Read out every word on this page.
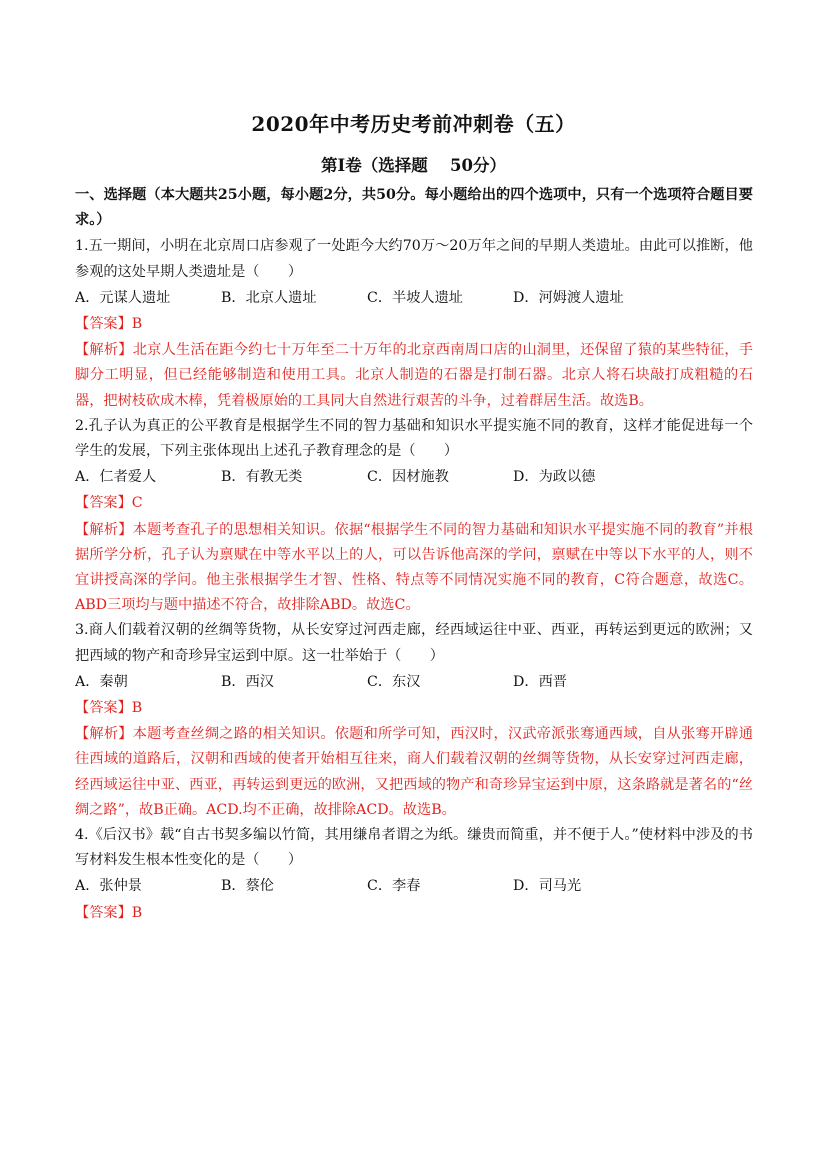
2020年中考历史考前冲刺卷（五）
第Ⅰ卷（选择题　 50分）
一、选择题（本大题共25小题，每小题2分，共50分。每小题给出的四个选项中，只有一个选项符合题目要求。）
1.五一期间，小明在北京周口店参观了一处距今大约70万～20万年之间的早期人类遗址。由此可以推断，他参观的这处早期人类遗址是（　　）
A．元谋人遗址	B．北京人遗址	C．半坡人遗址	D．河姆渡人遗址
【答案】B
【解析】北京人生活在距今约七十万年至二十万年的北京西南周口店的山洞里，还保留了猿的某些特征，手脚分工明显，但已经能够制造和使用工具。北京人制造的石器是打制石器。北京人将石块敲打成粗糙的石器，把树枝砍成木棒，凭着极原始的工具同大自然进行艰苦的斗争，过着群居生活。故选B。
2.孔子认为真正的公平教育是根据学生不同的智力基础和知识水平提实施不同的教育，这样才能促进每一个学生的发展，下列主张体现出上述孔子教育理念的是（　　）
A．仁者爱人	B．有教无类	C．因材施教	D．为政以德
【答案】C
【解析】本题考查孔子的思想相关知识。依据“根据学生不同的智力基础和知识水平提实施不同的教育”并根据所学分析，孔子认为禀赋在中等水平以上的人，可以告诉他高深的学问，禀赋在中等以下水平的人，则不宜讲授高深的学问。他主张根据学生才智、性格、特点等不同情况实施不同的教育，C符合题意，故选C。ABD三项均与题中描述不符合，故排除ABD。故选C。
3.商人们载着汉朝的丝绸等货物，从长安穿过河西走廊，经西域运往中亚、西亚，再转运到更远的欧洲；又把西域的物产和奇珍异宝运到中原。这一壮举始于（　　）
A．秦朝	B．西汉	C．东汉	D．西晋
【答案】B
【解析】本题考查丝绸之路的相关知识。依题和所学可知，西汉时，汉武帝派张骞通西域，自从张骞开辟通往西域的道路后，汉朝和西域的使者开始相互往来，商人们载着汉朝的丝绸等货物，从长安穿过河西走廊，经西域运往中亚、西亚，再转运到更远的欧洲，又把西域的物产和奇珍异宝运到中原，这条路就是著名的“丝绸之路”，故B正确。ACD.均不正确，故排除ACD。故选B。
4.《后汉书》载“自古书契多编以竹简，其用缣帛者谓之为纸。缣贵而简重，并不便于人。”使材料中涉及的书写材料发生根本性变化的是（　　）
A．张仲景	B．蔡伦	C．李春	D．司马光
【答案】B
